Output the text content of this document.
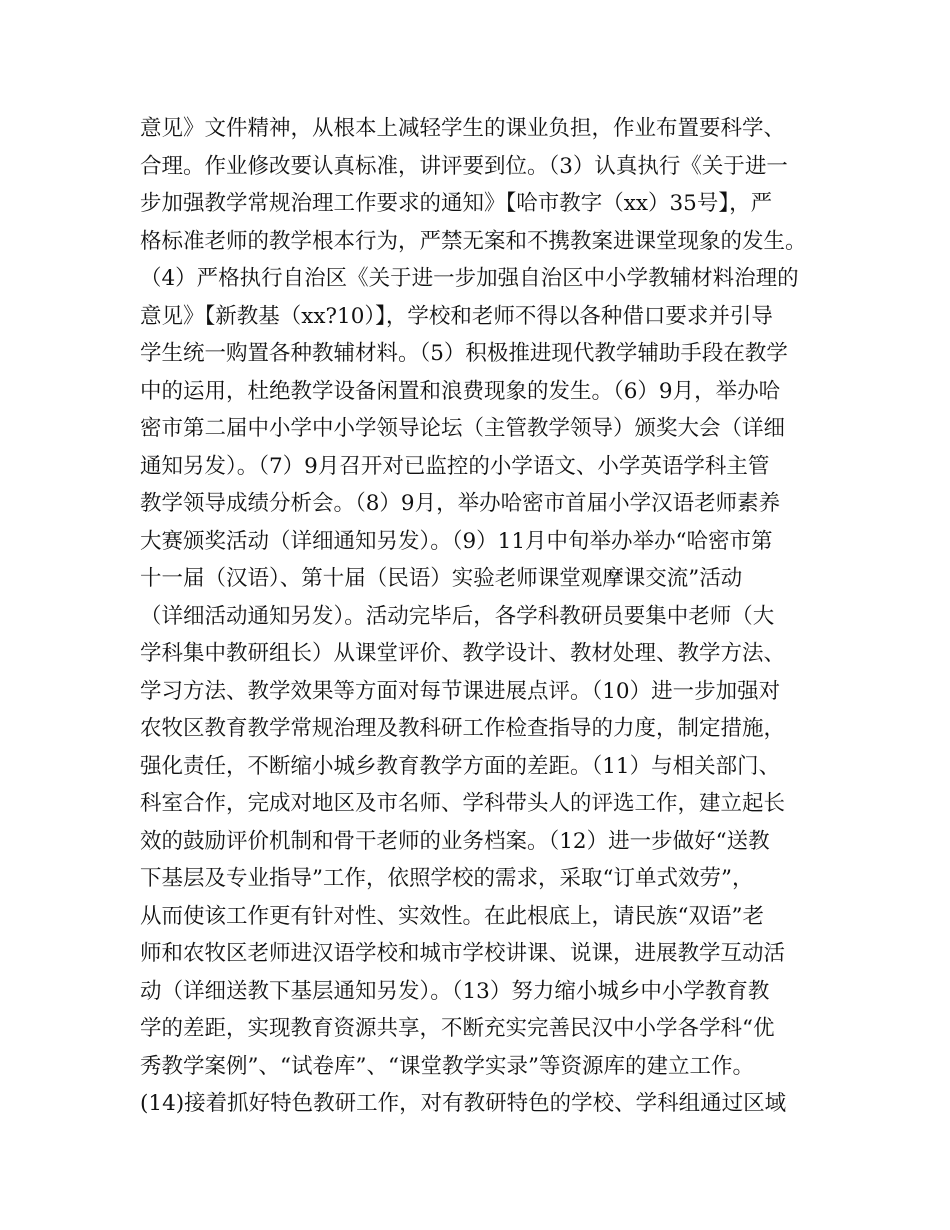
意见》文件精神，从根本上减轻学生的课业负担，作业布置要科学、
合理。作业修改要认真标准，讲评要到位。（3）认真执行《关于进一
步加强教学常规治理工作要求的通知》【哈市教字（xx）35号】，严
格标准老师的教学根本行为，严禁无案和不携教案进课堂现象的发生。
（4）严格执行自治区《关于进一步加强自治区中小学教辅材料治理的
意见》【新教基（xx?10）】，学校和老师不得以各种借口要求并引导
学生统一购置各种教辅材料。（5）积极推进现代教学辅助手段在教学
中的运用，杜绝教学设备闲置和浪费现象的发生。（6）9月，举办哈
密市第二届中小学中小学领导论坛（主管教学领导）颁奖大会（详细
通知另发）。（7）9月召开对已监控的小学语文、小学英语学科主管
教学领导成绩分析会。（8）9月，举办哈密市首届小学汉语老师素养
大赛颁奖活动（详细通知另发）。（9）11月中旬举办举办“哈密市第
十一届（汉语）、第十届（民语）实验老师课堂观摩课交流”活动
（详细活动通知另发）。活动完毕后，各学科教研员要集中老师（大
学科集中教研组长）从课堂评价、教学设计、教材处理、教学方法、
学习方法、教学效果等方面对每节课进展点评。（10）进一步加强对
农牧区教育教学常规治理及教科研工作检查指导的力度，制定措施，
强化责任，不断缩小城乡教育教学方面的差距。（11）与相关部门、
科室合作，完成对地区及市名师、学科带头人的评选工作，建立起长
效的鼓励评价机制和骨干老师的业务档案。（12）进一步做好“送教
下基层及专业指导”工作，依照学校的需求，采取“订单式效劳”，
从而使该工作更有针对性、实效性。在此根底上，请民族“双语”老
师和农牧区老师进汉语学校和城市学校讲课、说课，进展教学互动活
动（详细送教下基层通知另发）。（13）努力缩小城乡中小学教育教
学的差距，实现教育资源共享，不断充实完善民汉中小学各学科“优
秀教学案例”、“试卷库”、“课堂教学实录”等资源库的建立工作。
(14)接着抓好特色教研工作，对有教研特色的学校、学科组通过区域
